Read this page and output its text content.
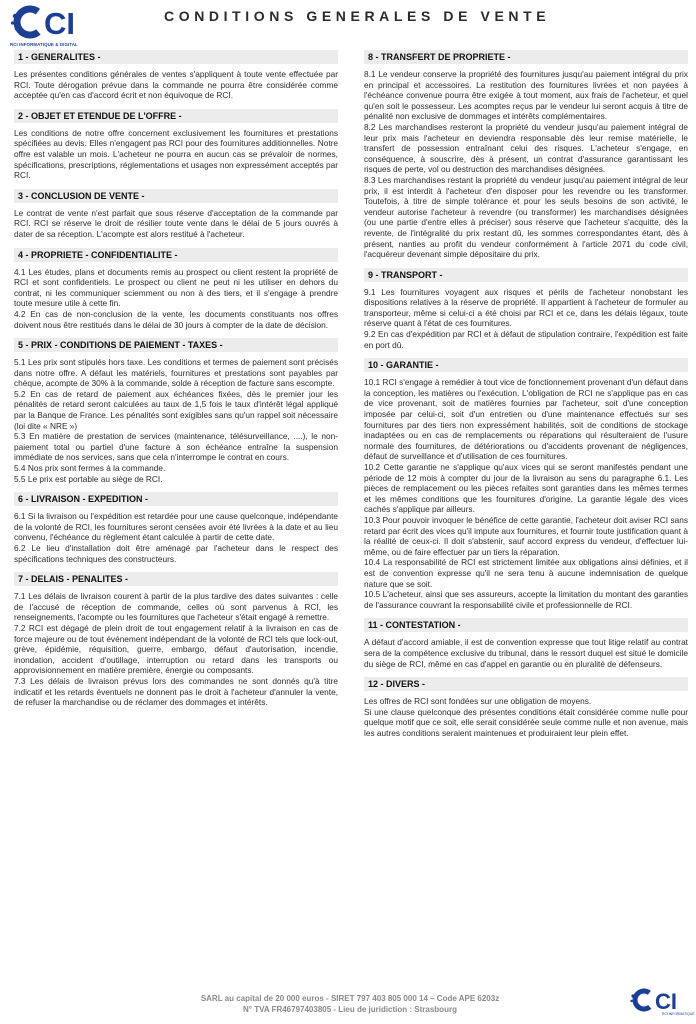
CI
RCI INFORMATIQUE & DIGITAL
CONDITIONS GENERALES DE VENTE
1 - GENERALITES -
Les présentes conditions générales de ventes s'appliquent à toute vente effectuée par RCI. Toute dérogation prévue dans la commande ne pourra être considérée comme acceptée qu'en cas d'accord écrit et non équivoque de RCI.
2 - OBJET ET ETENDUE DE L'OFFRE -
Les conditions de notre offre concernent exclusivement les fournitures et prestations spécifiées au devis. Elles n'engagent pas RCI pour des fournitures additionnelles. Notre offre est valable un mois. L'acheteur ne pourra en aucun cas se prévaloir de normes, spécifications, prescriptions, réglementations et usages non expressément acceptés par RCI.
3 - CONCLUSION DE VENTE -
Le contrat de vente n'est parfait que sous réserve d'acceptation de la commande par RCI. RCI se réserve le droit de résilier toute vente dans le délai de 5 jours ouvrés à dater de sa réception. L'acompte est alors restitué à l'acheteur.
4 - PROPRIETE - CONFIDENTIALITE -
4.1 Les études, plans et documents remis au prospect ou client restent la propriété de RCI et sont confidentiels. Le prospect ou client ne peut ni les utiliser en dehors du contrat, ni les communiquer sciemment ou non à des tiers, et il s'engage à prendre toute mesure utile à cette fin.
4.2 En cas de non-conclusion de la vente, les documents constituants nos offres doivent nous être restitués dans le délai de 30 jours à compter de la date de décision.
5 - PRIX - CONDITIONS DE PAIEMENT - TAXES -
5.1 Les prix sont stipulés hors taxe. Les conditions et termes de paiement sont précisés dans notre offre. A défaut les matériels, fournitures et prestations sont payables par chèque, acompte de 30% à la commande, solde à réception de facture sans escompte.
5.2 En cas de retard de paiement aux échéances fixées, dès le premier jour les pénalités de retard seront calculées au taux de 1,5 fois le taux d'intérêt légal appliqué par la Banque de France. Les pénalités sont exigibles sans qu'un rappel soit nécessaire (loi dite « NRE »)
5.3 En matière de prestation de services (maintenance, télésurveillance, ....), le non-paiement total ou partiel d'une facture à son échéance entraîne la suspension immédiate de nos services, sans que cela n'interrompe le contrat en cours.
5.4 Nos prix sont fermes à la commande.
5.5 Le prix est portable au siège de RCI.
6 - LIVRAISON - EXPEDITION -
6.1 Si la livraison ou l'expédition est retardée pour une cause quelconque, indépendante de la volonté de RCI, les fournitures seront censées avoir été livrées à la date et au lieu convenu, l'échéance du règlement étant calculée à partir de cette date.
6.2 Le lieu d'installation doit être aménagé par l'acheteur dans le respect des spécifications techniques des constructeurs.
7 - DELAIS - PENALITES -
7.1 Les délais de livraison courent à partir de la plus tardive des dates suivantes : celle de l'accusé de réception de commande, celles où sont parvenus à RCI, les renseignements, l'acompte ou les fournitures que l'acheteur s'était engagé à remettre.
7.2 RCI est dégagé de plein droit de tout engagement relatif à la livraison en cas de force majeure ou de tout événement indépendant de la volonté de RCI tels que lock-out, grève, épidémie, réquisition, guerre, embargo, défaut d'autorisation, incendie, inondation, accident d'outillage, interruption ou retard dans les transports ou approvisionnement en matière première, énergie ou composants.
7.3 Les délais de livraison prévus lors des commandes ne sont donnés qu'à titre indicatif et les retards éventuels ne donnent pas le droit à l'acheteur d'annuler la vente, de refuser la marchandise ou de réclamer des dommages et intérêts.
8 - TRANSFERT DE PROPRIETE -
8.1 Le vendeur conserve la propriété des fournitures jusqu'au paiement intégral du prix en principal et accessoires. La restitution des fournitures livrées et non payées à l'échéance convenue pourra être exigée à tout moment, aux frais de l'acheteur, et quel qu'en soit le possesseur. Les acomptes reçus par le vendeur lui seront acquis à titre de pénalité non exclusive de dommages et intérêts complémentaires.
8.2 Les marchandises resteront la propriété du vendeur jusqu'au paiement intégral de leur prix mais l'acheteur en deviendra responsable dès leur remise matérielle, le transfert de possession entraînant celui des risques. L'acheteur s'engage, en conséquence, à souscrire, dès à présent, un contrat d'assurance garantissant les risques de perte, vol ou destruction des marchandises désignées.
8.3 Les marchandises restant la propriété du vendeur jusqu'au paiement intégral de leur prix, il est interdit à l'acheteur d'en disposer pour les revendre ou les transformer. Toutefois, à titre de simple tolérance et pour les seuls besoins de son activité, le vendeur autorise l'acheteur à revendre (ou transformer) les marchandises désignées (ou une partie d'entre elles à préciser) sous réserve que l'acheteur s'acquitte, dès la revente, de l'intégralité du prix restant dû, les sommes correspondantes étant, dès à présent, nanties au profit du vendeur conformément à l'article 2071 du code civil, l'acquéreur devenant simple dépositaire du prix.
9 - TRANSPORT -
9.1 Les fournitures voyagent aux risques et périls de l'acheteur nonobstant les dispositions relatives à la réserve de propriété. Il appartient à l'acheteur de formuler au transporteur, même si celui-ci a été choisi par RCI et ce, dans les délais légaux, toute réserve quant à l'état de ces fournitures.
9.2 En cas d'expédition par RCI et à défaut de stipulation contraire, l'expédition est faite en port dû.
10 - GARANTIE -
10.1 RCI s'engage à remédier à tout vice de fonctionnement provenant d'un défaut dans la conception, les matières ou l'exécution. L'obligation de RCI ne s'applique pas en cas de vice provenant, soit de matières fournies par l'acheteur, soit d'une conception imposée par celui-ci, soit d'un entretien ou d'une maintenance effectués sur ses fournitures par des tiers non expressément habilités, soit de conditions de stockage inadaptées ou en cas de remplacements ou réparations qui résulteraient de l'usure normale des fournitures, de détériorations ou d'accidents provenant de négligences, défaut de surveillance et d'utilisation de ces fournitures.
10.2 Cette garantie ne s'applique qu'aux vices qui se seront manifestés pendant une période de 12 mois à compter du jour de la livraison au sens du paragraphe 6.1. Les pièces de remplacement ou les pièces refaites sont garanties dans les mêmes termes et les mêmes conditions que les fournitures d'origine. La garantie légale des vices cachés s'applique par ailleurs.
10.3 Pour pouvoir invoquer le bénéfice de cette garantie, l'acheteur doit aviser RCI sans retard par écrit des vices qu'il impute aux fournitures, et fournir toute justification quant à la réalité de ceux-ci. Il doit s'abstenir, sauf accord express du vendeur, d'effectuer lui-même, ou de faire effectuer par un tiers la réparation.
10.4 La responsabilité de RCI est strictement limitée aux obligations ainsi définies, et il est de convention expresse qu'il ne sera tenu à aucune indemnisation de quelque nature que se soit.
10.5 L'acheteur, ainsi que ses assureurs, accepte la limitation du montant des garanties de l'assurance couvrant la responsabilité civile et professionnelle de RCI.
11 - CONTESTATION -
A défaut d'accord amiable, il est de convention expresse que tout litige relatif au contrat sera de la compétence exclusive du tribunal, dans le ressort duquel est situé le domicile du siège de RCI, même en cas d'appel en garantie ou en pluralité de défenseurs.
12 - DIVERS -
Les offres de RCI sont fondées sur une obligation de moyens.
Si une clause quelconque des présentes conditions était considérée comme nulle pour quelque motif que ce soit, elle serait considérée seule comme nulle et non avenue, mais les autres conditions seraient maintenues et produiraient leur plein effet.
SARL au capital de 20 000 euros - SIRET 797 403 805 000 14 – Code APE 6203z
N° TVA FR46797403805 - Lieu de juridiction : Strasbourg	CI
RCI INFORMATIQUE
